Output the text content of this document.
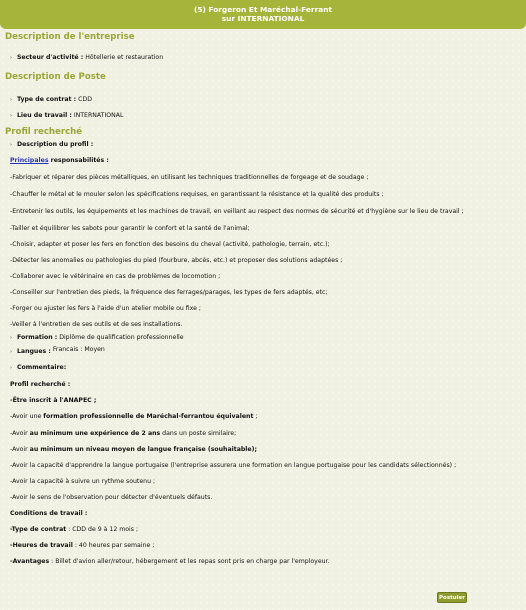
(5) Forgeron Et Maréchal-Ferrant
sur INTERNATIONAL
Description de l'entreprise
› Secteur d'activité : Hôtellerie et restauration
Description de Poste
› Type de contrat : CDD
› Lieu de travail : INTERNATIONAL
Profil recherché
› Description du profil :
Principales responsabilités :
-Fabriquer et réparer des pièces métalliques, en utilisant les techniques traditionnelles de forgeage et de soudage ;
-Chauffer le métal et le mouler selon les spécifications requises, en garantissant la résistance et la qualité des produits ;
-Entretenir les outils, les équipements et les machines de travail, en veillant au respect des normes de sécurité et d'hygiène sur le lieu de travail ;
-Tailler et équilibrer les sabots pour garantir le confort et la santé de l'animal;
-Choisir, adapter et poser les fers en fonction des besoins du cheval (activité, pathologie, terrain, etc.);
-Détecter les anomalies ou pathologies du pied (fourbure, abcès, etc.) et proposer des solutions adaptées ;
-Collaborer avec le vétérinaire en cas de problèmes de locomotion ;
-Conseiller sur l'entretien des pieds, la fréquence des ferrages/parages, les types de fers adaptés, etc;
-Forger ou ajuster les fers à l'aide d'un atelier mobile ou fixe ;
-Veiller à l'entretien de ses outils et de ses installations.
› Formation : Diplôme de qualification professionnelle
› Langues : Francais : Moyen
› Commentaire:
Profil recherché :
-Être inscrit à l'ANAPEC ;
-Avoir une formation professionnelle de Maréchal-ferrantou équivalent ;
-Avoir au minimum une expérience de 2 ans dans un poste similaire;
-Avoir au minimum un niveau moyen de langue française (souhaitable);
-Avoir la capacité d'apprendre la langue portugaise (l'entreprise assurera une formation en langue portugaise pour les candidats sélectionnés) ;
-Avoir la capacité à suivre un rythme soutenu ;
-Avoir le sens de l'observation pour détecter d'éventuels défauts.
Conditions de travail :
-Type de contrat : CDD de 9 à 12 mois ;
-Heures de travail : 40 heures par semaine ;
-Avantages : Billet d'avion aller/retour, hébergement et les repas sont pris en charge par l'employeur.
Postuler
